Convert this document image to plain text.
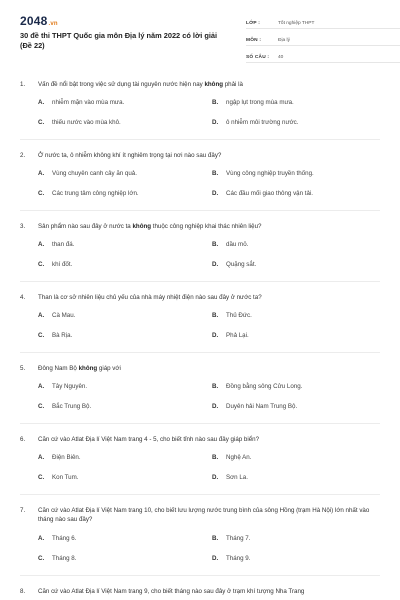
2048.vn
30 đề thi THPT Quốc gia môn Địa lý năm 2022 có lời giải (Đề 22)
LỚP :	Tốt nghiệp THPT
MÔN :	Địa lý
SỐ CÂU :	40
1.	Vấn đề nổi bật trong việc sử dụng tài nguyên nước hiện nay không phải là
A.	nhiễm mặn vào mùa mưa.	B.	ngập lụt trong mùa mưa.
C.	thiếu nước vào mùa khô.	D.	ô nhiễm môi trường nước.
2.	Ở nước ta, ô nhiễm không khí ít nghiêm trọng tại nơi nào sau đây?
A.	Vùng chuyên canh cây ăn quả.	B.	Vùng công nghiệp truyền thống.
C.	Các trung tâm công nghiệp lớn.	D.	Các đầu mối giao thông vận tải.
3.	Sản phẩm nào sau đây ở nước ta không thuộc công nghiệp khai thác nhiên liệu?
A.	than đá.	B.	dầu mỏ.
C.	khí đốt.	D.	Quặng sắt.
4.	Than là cơ sở nhiên liệu chủ yếu của nhà máy nhiệt điện nào sau đây ở nước ta?
A.	Cà Mau.	B.	Thủ Đức.
C.	Bà Rịa.	D.	Phả Lại.
5.	Đông Nam Bộ không giáp với
A.	Tây Nguyên.	B.	Đồng bằng sông Cửu Long.
C.	Bắc Trung Bộ.	D.	Duyên hải Nam Trung Bộ.
6.	Căn cứ vào Atlat Địa lí Việt Nam trang 4 - 5, cho biết tỉnh nào sau đây giáp biển?
A.	Điện Biên.	B.	Nghệ An.
C.	Kon Tum.	D.	Sơn La.
7.	Căn cứ vào Atlat Địa lí Việt Nam trang 10, cho biết lưu lượng nước trung bình của sông Hồng (trạm Hà Nội) lớn nhất vào tháng nào sau đây?
A.	Tháng 6.	B.	Tháng 7.
C.	Tháng 8.	D.	Tháng 9.
8.	Căn cứ vào Atlat Địa lí Việt Nam trang 9, cho biết tháng nào sau đây ở trạm khí tượng Nha Trang
